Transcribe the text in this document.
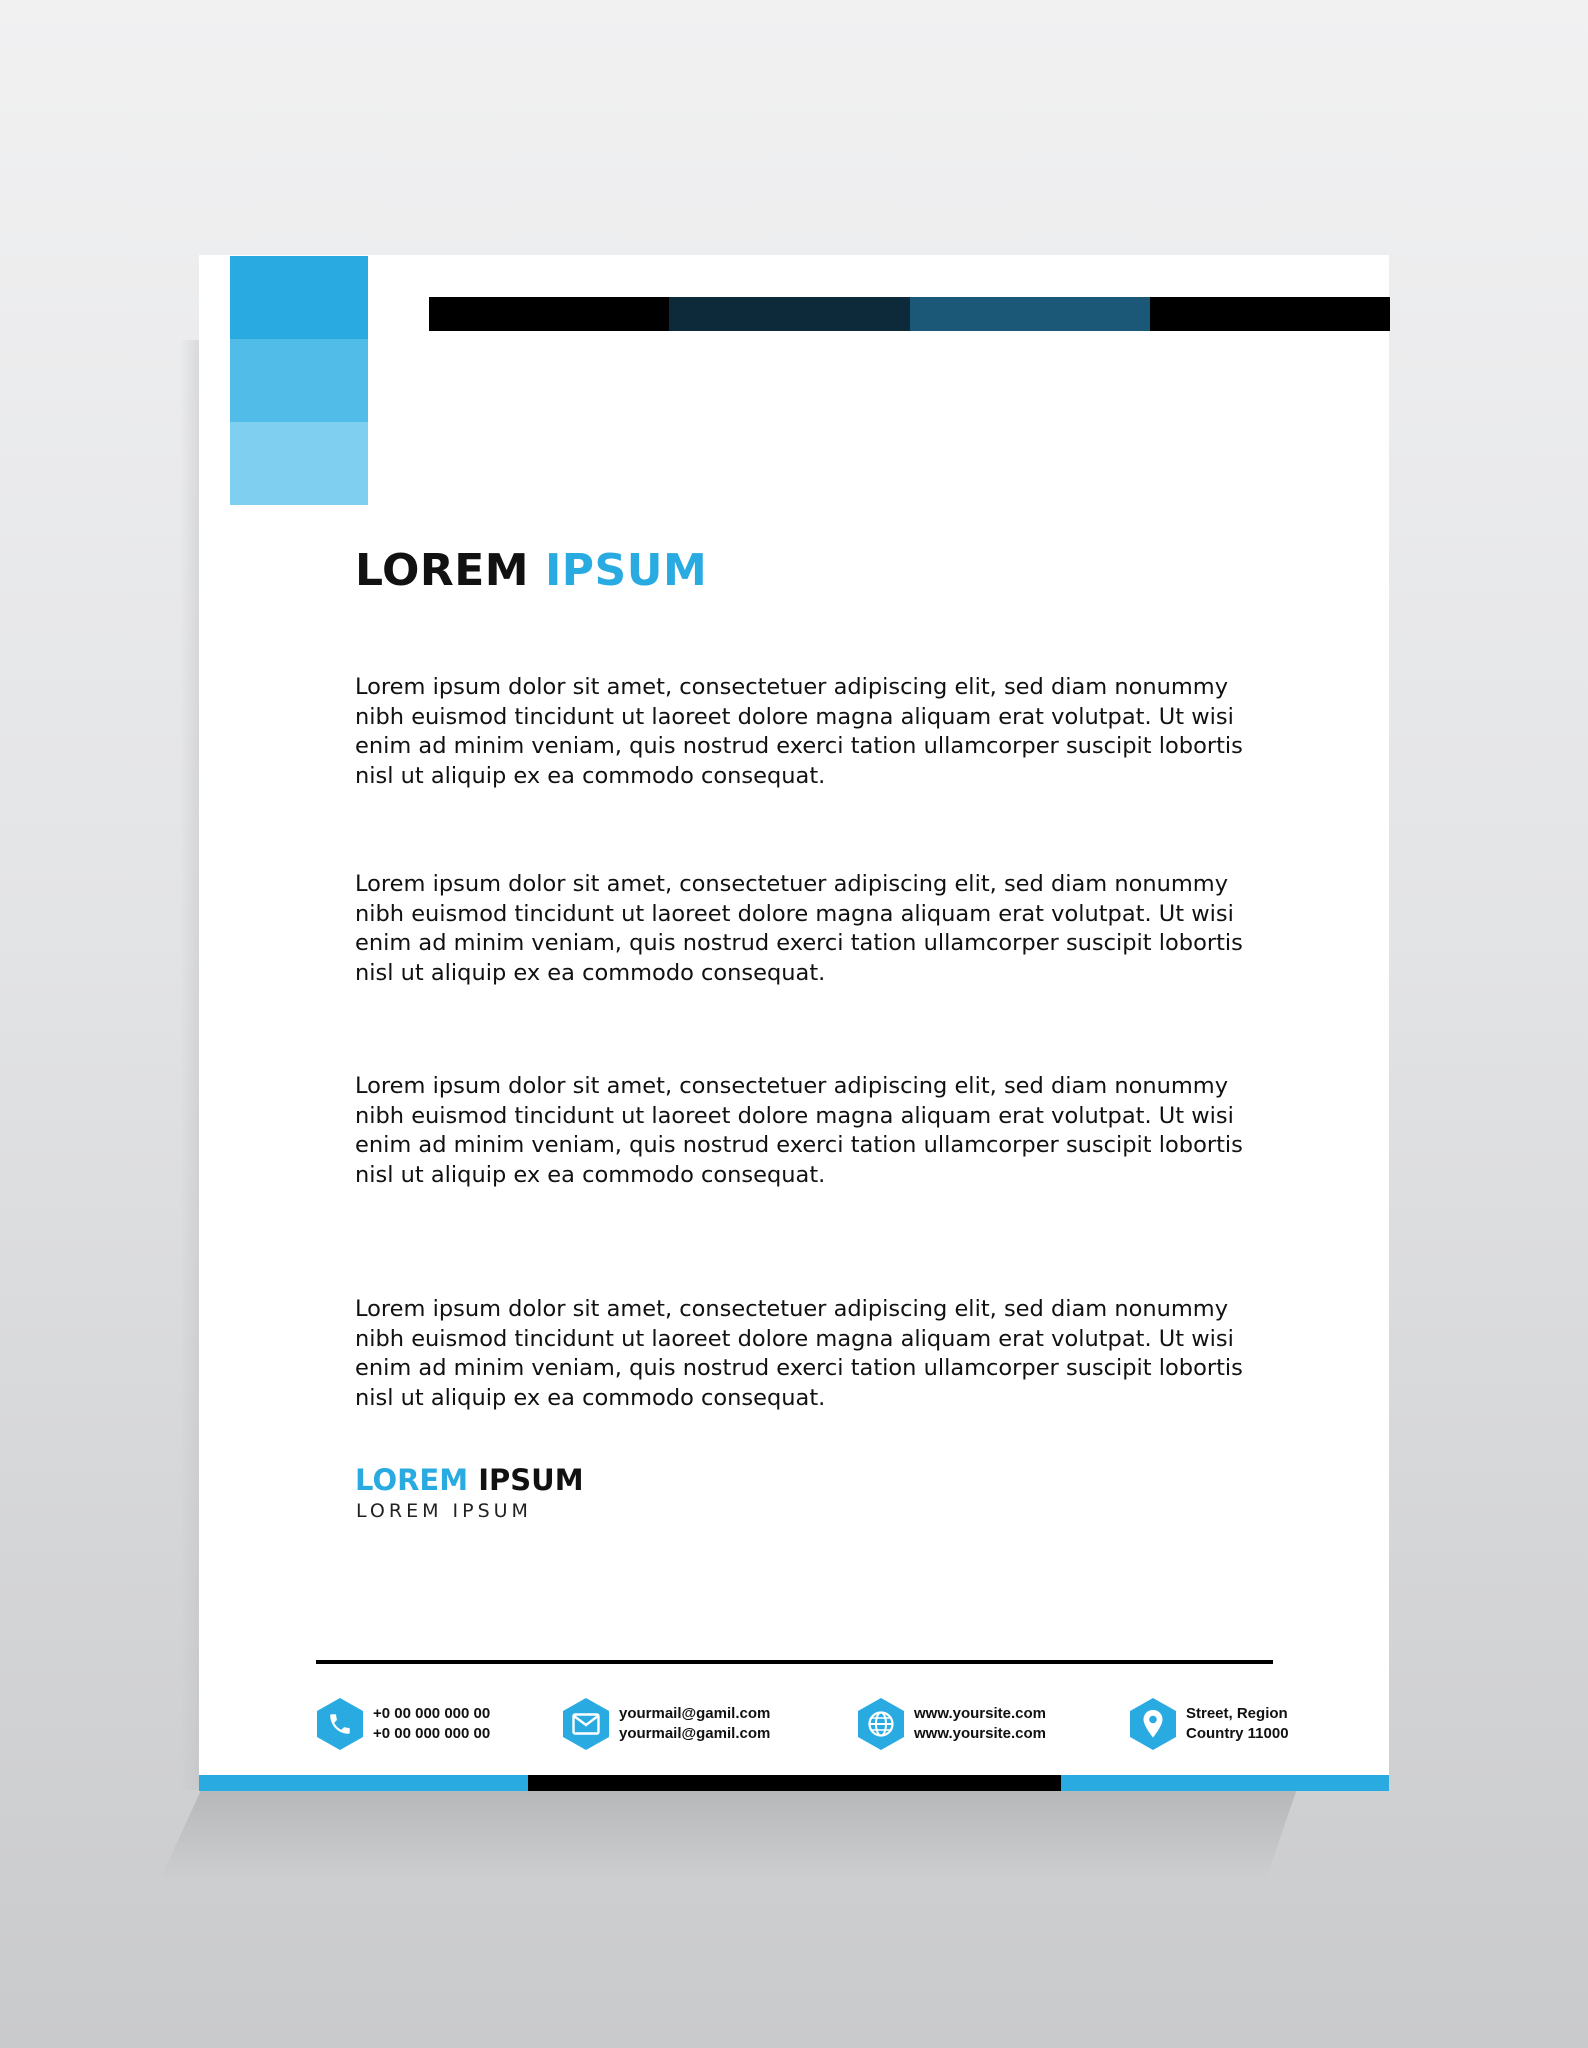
LOREM IPSUM

Lorem ipsum dolor sit amet, consectetuer adipiscing elit, sed diam nonummy nibh euismod tincidunt ut laoreet dolore magna aliquam erat volutpat. Ut wisi enim ad minim veniam, quis nostrud exerci tation ullamcorper suscipit lobortis nisl ut aliquip ex ea commodo consequat.

Lorem ipsum dolor sit amet, consectetuer adipiscing elit, sed diam nonummy nibh euismod tincidunt ut laoreet dolore magna aliquam erat volutpat. Ut wisi enim ad minim veniam, quis nostrud exerci tation ullamcorper suscipit lobortis nisl ut aliquip ex ea commodo consequat.

Lorem ipsum dolor sit amet, consectetuer adipiscing elit, sed diam nonummy nibh euismod tincidunt ut laoreet dolore magna aliquam erat volutpat. Ut wisi enim ad minim veniam, quis nostrud exerci tation ullamcorper suscipit lobortis nisl ut aliquip ex ea commodo consequat.

Lorem ipsum dolor sit amet, consectetuer adipiscing elit, sed diam nonummy nibh euismod tincidunt ut laoreet dolore magna aliquam erat volutpat. Ut wisi enim ad minim veniam, quis nostrud exerci tation ullamcorper suscipit lobortis nisl ut aliquip ex ea commodo consequat.

LOREM IPSUM
LOREM IPSUM
+0 00 000 000 00
+0 00 000 000 00
yourmail@gamil.com
yourmail@gamil.com
www.yoursite.com
www.yoursite.com
Street, Region
Country 11000
